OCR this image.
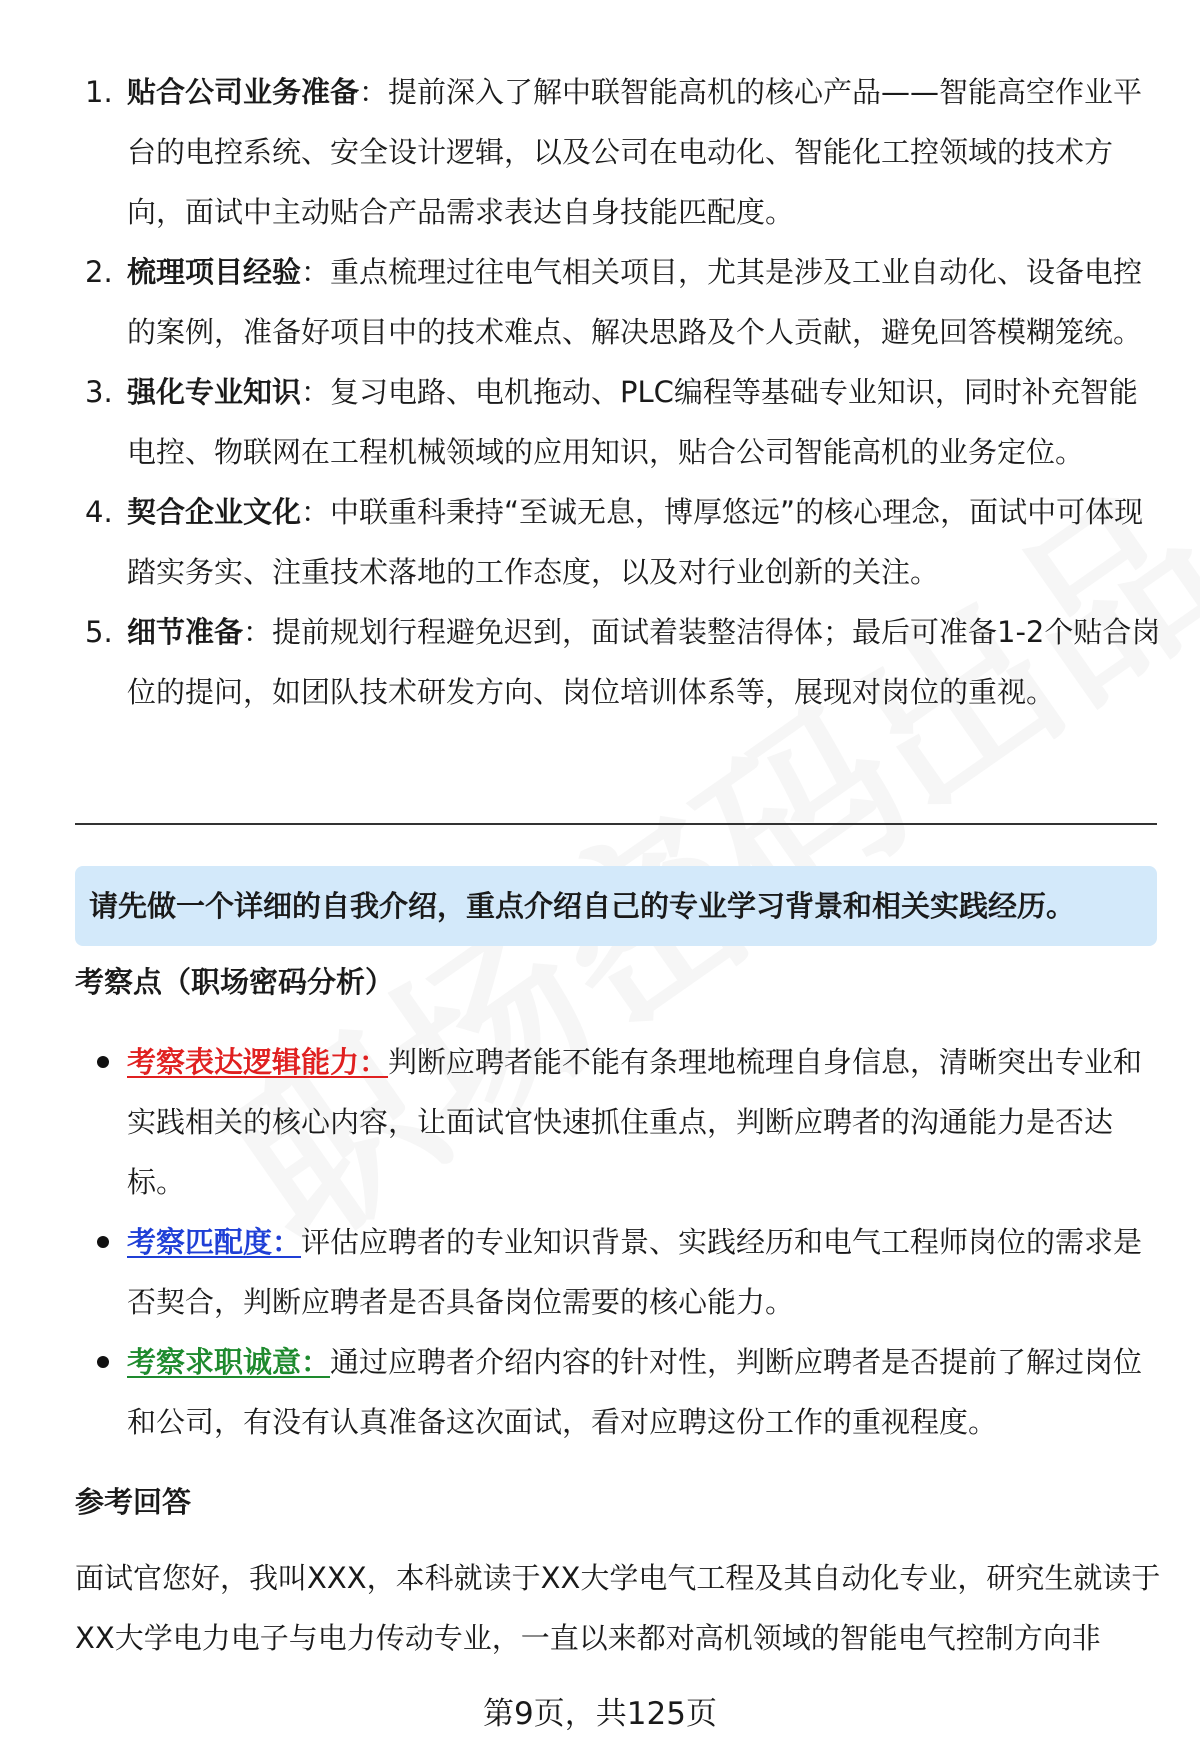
1. 贴合公司业务准备：提前深入了解中联智能高机的核心产品——智能高空作业平台的电控系统、安全设计逻辑，以及公司在电动化、智能化工控领域的技术方向，面试中主动贴合产品需求表达自身技能匹配度。
2. 梳理项目经验：重点梳理过往电气相关项目，尤其是涉及工业自动化、设备电控的案例，准备好项目中的技术难点、解决思路及个人贡献，避免回答模糊笼统。
3. 强化专业知识：复习电路、电机拖动、PLC编程等基础专业知识，同时补充智能电控、物联网在工程机械领域的应用知识，贴合公司智能高机的业务定位。
4. 契合企业文化：中联重科秉持“至诚无息，博厚悠远”的核心理念，面试中可体现踏实务实、注重技术落地的工作态度，以及对行业创新的关注。
5. 细节准备：提前规划行程避免迟到，面试着装整洁得体；最后可准备1-2个贴合岗位的提问，如团队技术研发方向、岗位培训体系等，展现对岗位的重视。
请先做一个详细的自我介绍，重点介绍自己的专业学习背景和相关实践经历。
考察点（职场密码分析）
考察表达逻辑能力：判断应聘者能不能有条理地梳理自身信息，清晰突出专业和实践相关的核心内容，让面试官快速抓住重点，判断应聘者的沟通能力是否达标。
考察匹配度：评估应聘者的专业知识背景、实践经历和电气工程师岗位的需求是否契合，判断应聘者是否具备岗位需要的核心能力。
考察求职诚意：通过应聘者介绍内容的针对性，判断应聘者是否提前了解过岗位和公司，有没有认真准备这次面试，看对应聘这份工作的重视程度。
参考回答

面试官您好，我叫XXX，本科就读于XX大学电气工程及其自动化专业，研究生就读于XX大学电力电子与电力传动专业，一直以来都对高机领域的智能电气控制方向非

第9页，共125页
